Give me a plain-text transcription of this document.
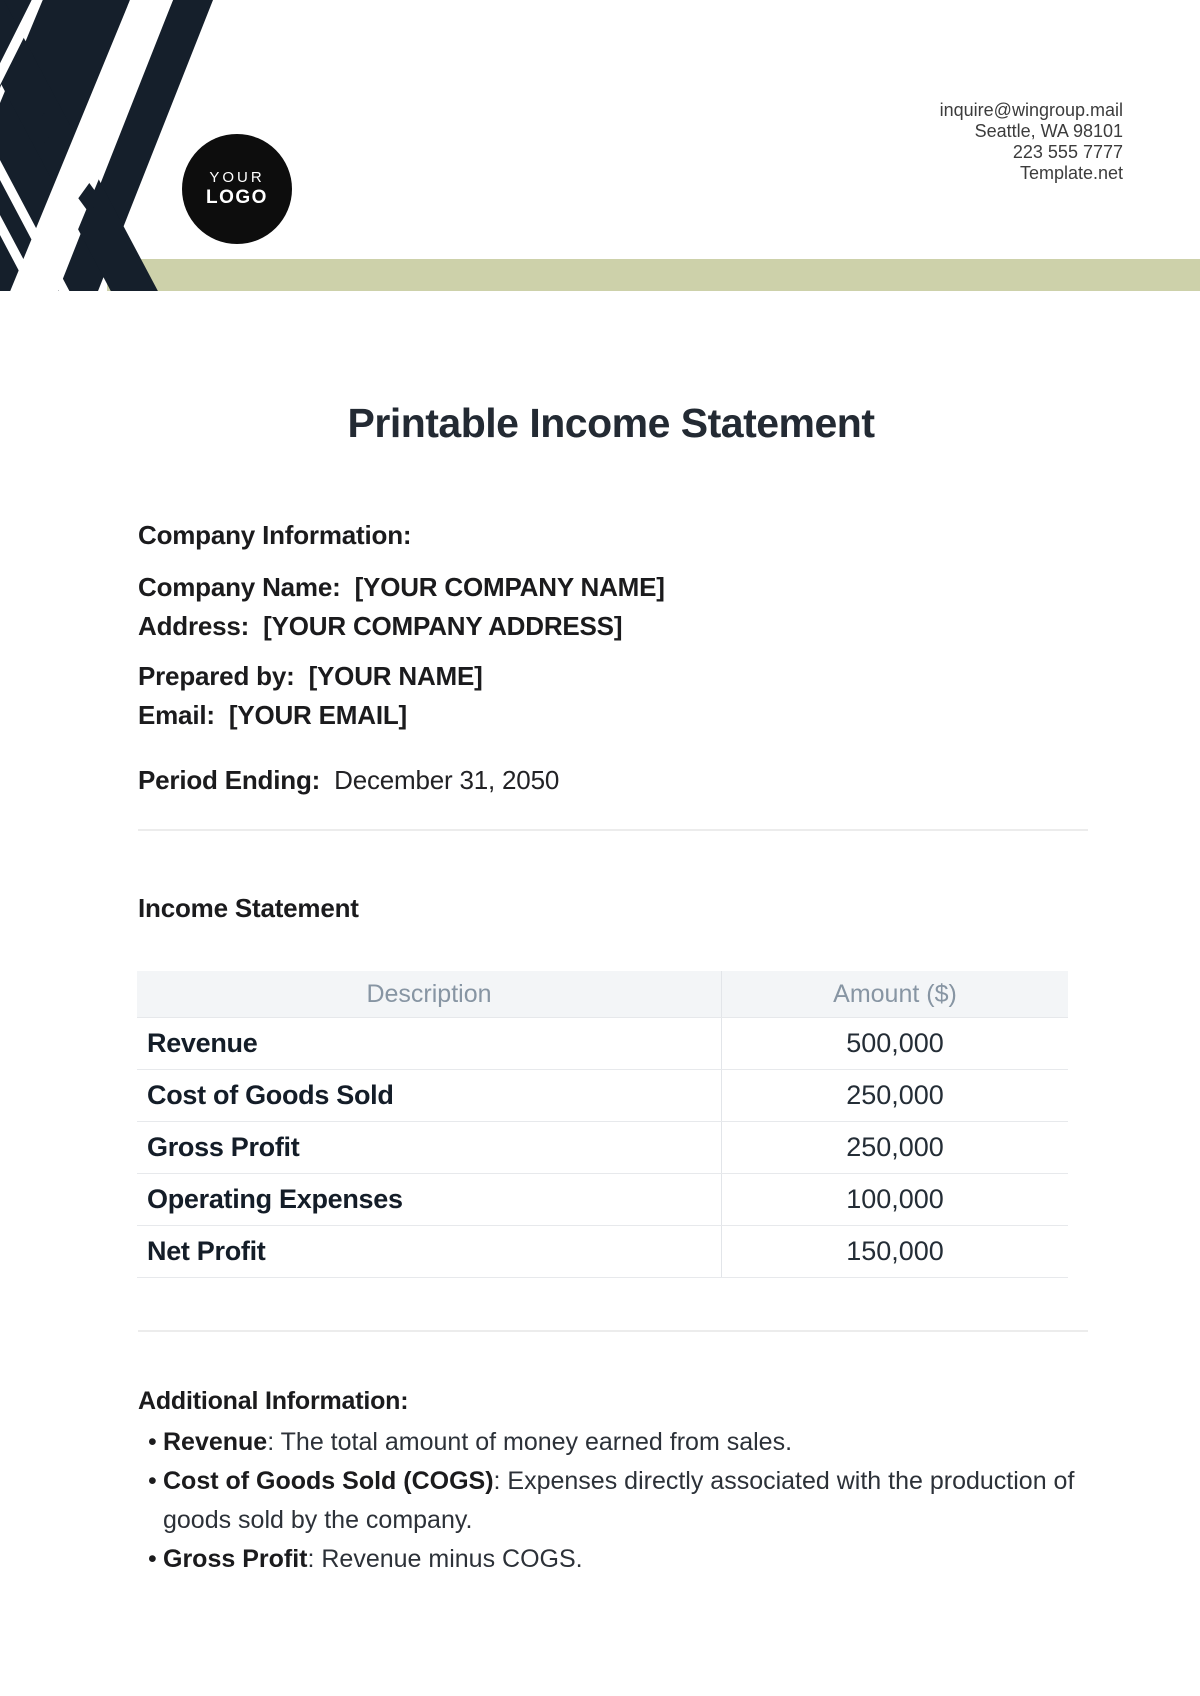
YOUR
LOGO
inquire@wingroup.mail
Seattle, WA 98101
223 555 7777
Template.net
Printable Income Statement
Company Information:
Company Name: [YOUR COMPANY NAME]
Address: [YOUR COMPANY ADDRESS]
Prepared by: [YOUR NAME]
Email: [YOUR EMAIL]
Period Ending: December 31, 2050
Income Statement
Description	Amount ($)
Revenue	500,000
Cost of Goods Sold	250,000
Gross Profit	250,000
Operating Expenses	100,000
Net Profit	150,000
Additional Information:
• Revenue: The total amount of money earned from sales.
• Cost of Goods Sold (COGS): Expenses directly associated with the production of goods sold by the company.
• Gross Profit: Revenue minus COGS.
